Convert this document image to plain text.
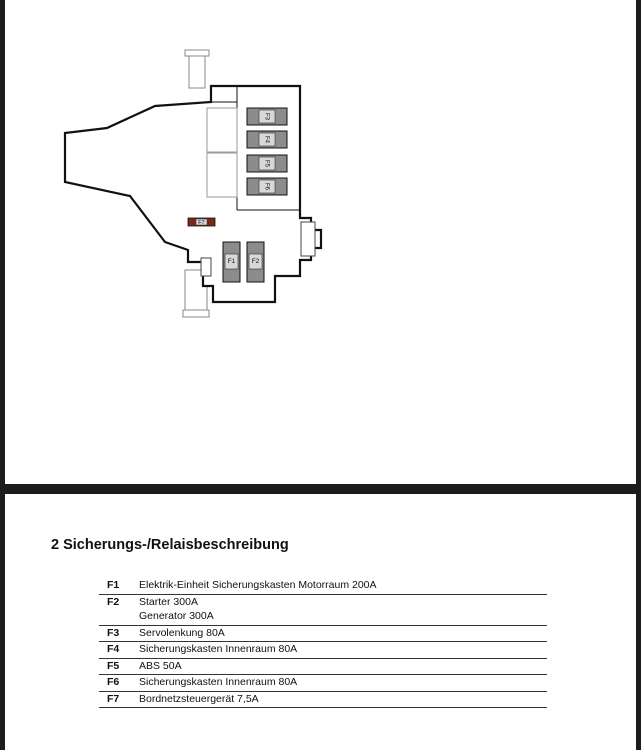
F3
F4
F5
F6
F7
F1	F2
2 Sicherungs-/Relaisbeschreibung
F1	Elektrik-Einheit Sicherungskasten Motorraum 200A

F2	Starter 300A
Generator 300A

F3	Servolenkung 80A

F4	Sicherungskasten Innenraum 80A

F5	ABS 50A

F6	Sicherungskasten Innenraum 80A

F7	Bordnetzsteuergerät 7,5A
